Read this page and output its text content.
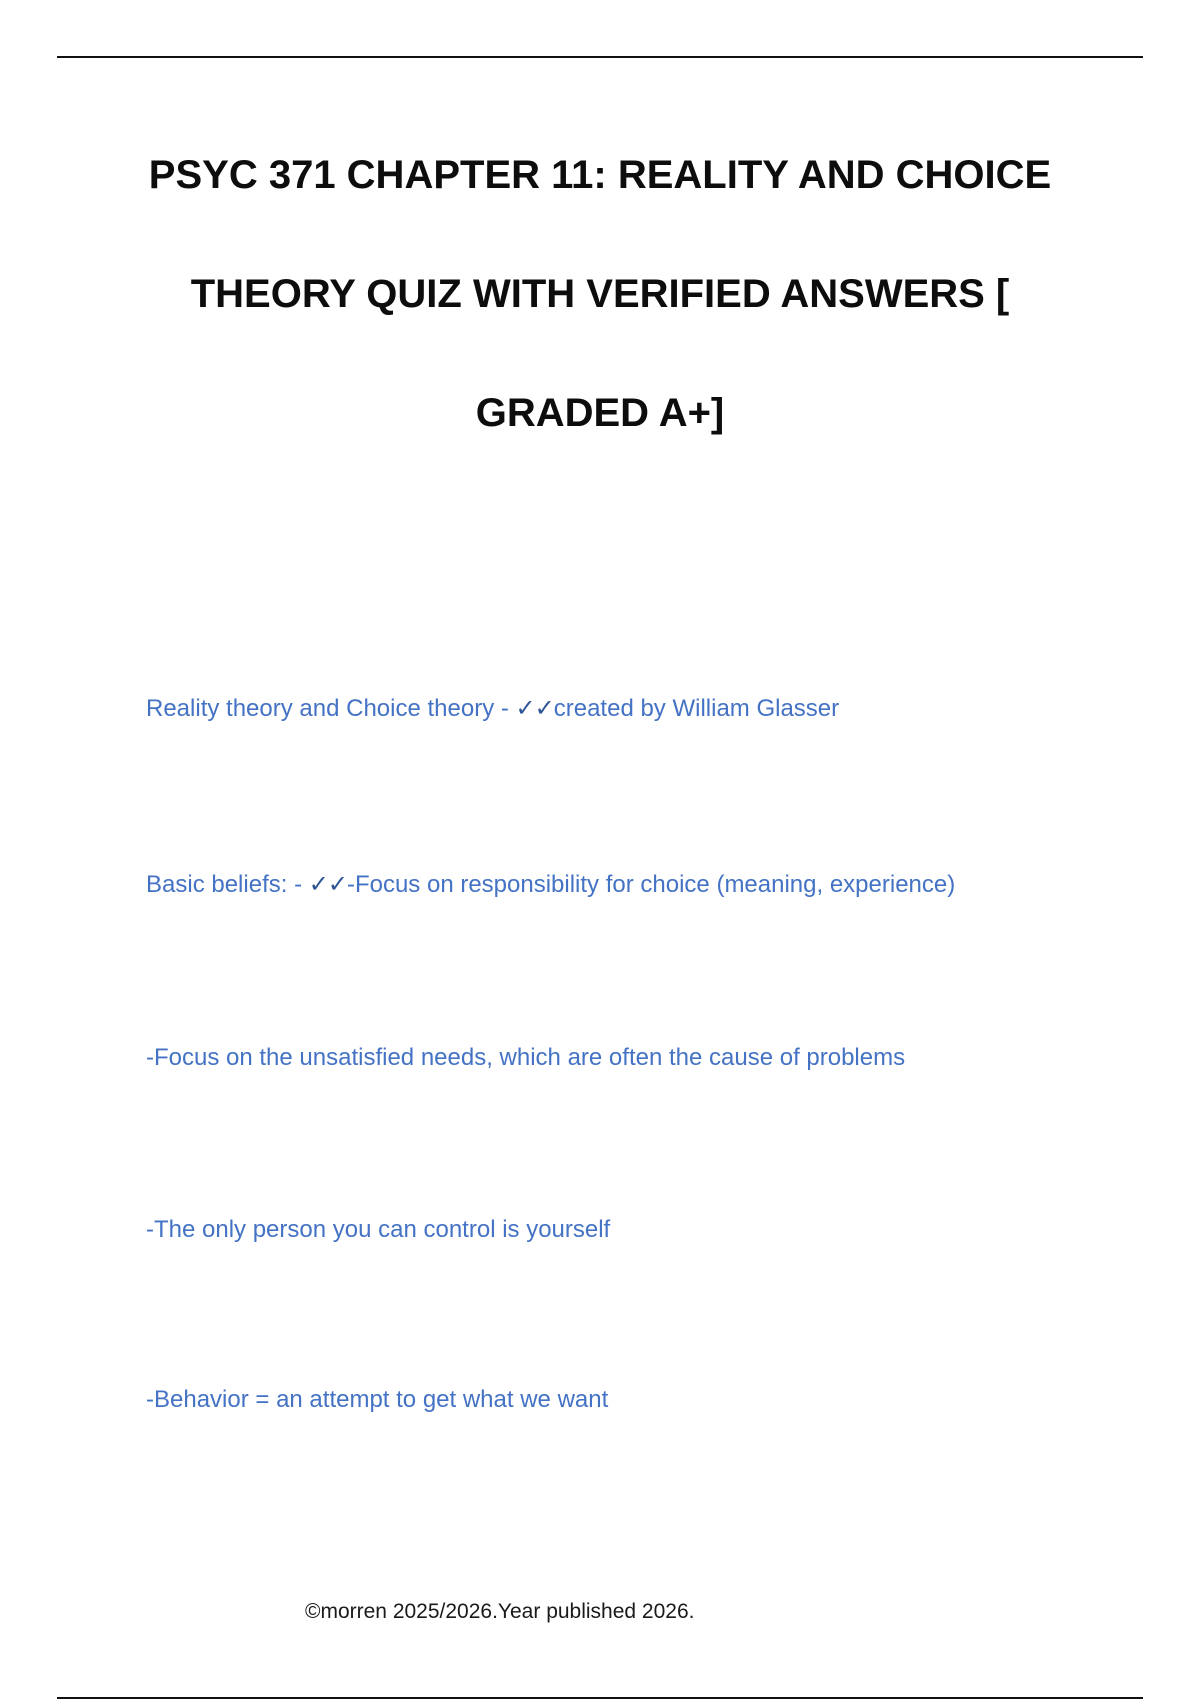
PSYC 371 CHAPTER 11: REALITY AND CHOICE
THEORY QUIZ WITH VERIFIED ANSWERS [
GRADED A+]
Reality theory and Choice theory - ✓✓created by William Glasser
Basic beliefs: - ✓✓-Focus on responsibility for choice (meaning, experience)
-Focus on the unsatisfied needs, which are often the cause of problems
-The only person you can control is yourself
-Behavior = an attempt to get what we want
©morren 2025/2026.Year published 2026.
